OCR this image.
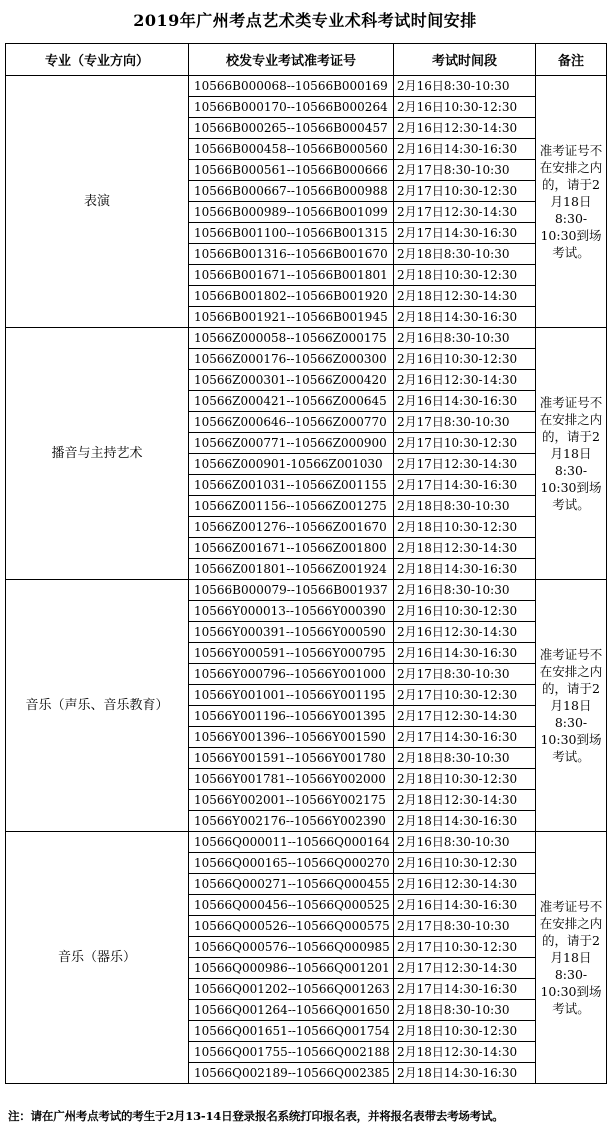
2019年广州考点艺术类专业术科考试时间安排
专业（专业方向）	校发专业考试准考证号	考试时间段	备注
表演	10566B000068--10566B000169	2月16日8:30-10:30	准考证号不在安排之内的，请于2月18日8:30-10:30到场考试。
	10566B000170--10566B000264	2月16日10:30-12:30	
	10566B000265--10566B000457	2月16日12:30-14:30	
	10566B000458--10566B000560	2月16日14:30-16:30	
	10566B000561--10566B000666	2月17日8:30-10:30	
	10566B000667--10566B000988	2月17日10:30-12:30	
	10566B000989--10566B001099	2月17日12:30-14:30	
	10566B001100--10566B001315	2月17日14:30-16:30	
	10566B001316--10566B001670	2月18日8:30-10:30	
	10566B001671--10566B001801	2月18日10:30-12:30	
	10566B001802--10566B001920	2月18日12:30-14:30	
	10566B001921--10566B001945	2月18日14:30-16:30	
播音与主持艺术	10566Z000058--10566Z000175	2月16日8:30-10:30	准考证号不在安排之内的，请于2月18日8:30-10:30到场考试。
	10566Z000176--10566Z000300	2月16日10:30-12:30	
	10566Z000301--10566Z000420	2月16日12:30-14:30	
	10566Z000421--10566Z000645	2月16日14:30-16:30	
	10566Z000646--10566Z000770	2月17日8:30-10:30	
	10566Z000771--10566Z000900	2月17日10:30-12:30	
	10566Z000901-10566Z001030	2月17日12:30-14:30	
	10566Z001031--10566Z001155	2月17日14:30-16:30	
	10566Z001156--10566Z001275	2月18日8:30-10:30	
	10566Z001276--10566Z001670	2月18日10:30-12:30	
	10566Z001671--10566Z001800	2月18日12:30-14:30	
	10566Z001801--10566Z001924	2月18日14:30-16:30	
音乐（声乐、音乐教育）	10566B000079--10566B001937	2月16日8:30-10:30	准考证号不在安排之内的，请于2月18日8:30-10:30到场考试。
	10566Y000013--10566Y000390	2月16日10:30-12:30	
	10566Y000391--10566Y000590	2月16日12:30-14:30	
	10566Y000591--10566Y000795	2月16日14:30-16:30	
	10566Y000796--10566Y001000	2月17日8:30-10:30	
	10566Y001001--10566Y001195	2月17日10:30-12:30	
	10566Y001196--10566Y001395	2月17日12:30-14:30	
	10566Y001396--10566Y001590	2月17日14:30-16:30	
	10566Y001591--10566Y001780	2月18日8:30-10:30	
	10566Y001781--10566Y002000	2月18日10:30-12:30	
	10566Y002001--10566Y002175	2月18日12:30-14:30	
	10566Y002176--10566Y002390	2月18日14:30-16:30	
音乐（器乐）	10566Q000011--10566Q000164	2月16日8:30-10:30	准考证号不在安排之内的，请于2月18日8:30-10:30到场考试。
	10566Q000165--10566Q000270	2月16日10:30-12:30	
	10566Q000271--10566Q000455	2月16日12:30-14:30	
	10566Q000456--10566Q000525	2月16日14:30-16:30	
	10566Q000526--10566Q000575	2月17日8:30-10:30	
	10566Q000576--10566Q000985	2月17日10:30-12:30	
	10566Q000986--10566Q001201	2月17日12:30-14:30	
	10566Q001202--10566Q001263	2月17日14:30-16:30	
	10566Q001264--10566Q001650	2月18日8:30-10:30	
	10566Q001651--10566Q001754	2月18日10:30-12:30	
	10566Q001755--10566Q002188	2月18日12:30-14:30	
	10566Q002189--10566Q002385	2月18日14:30-16:30	
注：请在广州考点考试的考生于2月13-14日登录报名系统打印报名表，并将报名表带去考场考试。
